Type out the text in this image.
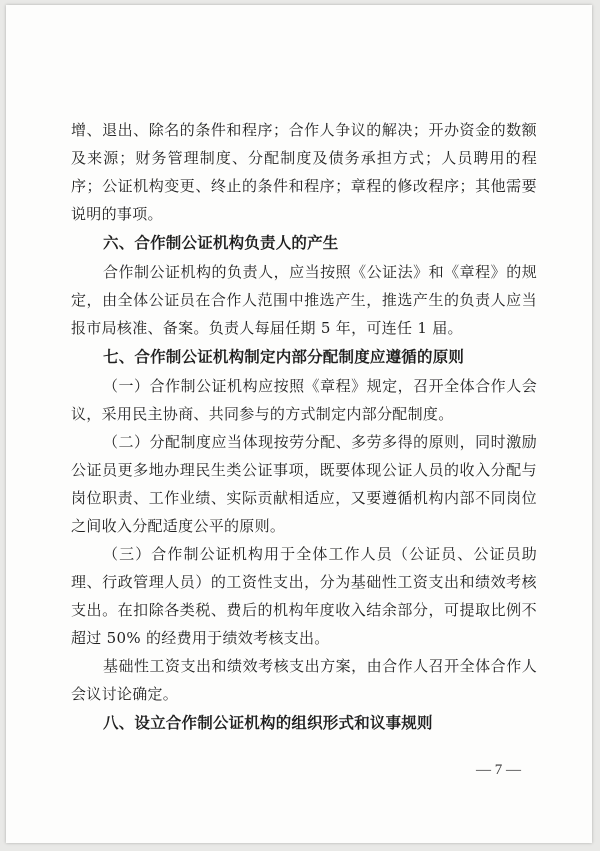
增、退出、除名的条件和程序；合作人争议的解决；开办资金的数额及来源；财务管理制度、分配制度及债务承担方式；人员聘用的程序；公证机构变更、终止的条件和程序；章程的修改程序；其他需要说明的事项。

六、合作制公证机构负责人的产生

合作制公证机构的负责人，应当按照《公证法》和《章程》的规定，由全体公证员在合作人范围中推选产生，推选产生的负责人应当报市局核准、备案。负责人每届任期 5 年，可连任 1 届。

七、合作制公证机构制定内部分配制度应遵循的原则

（一）合作制公证机构应按照《章程》规定，召开全体合作人会议，采用民主协商、共同参与的方式制定内部分配制度。

（二）分配制度应当体现按劳分配、多劳多得的原则，同时激励公证员更多地办理民生类公证事项，既要体现公证人员的收入分配与岗位职责、工作业绩、实际贡献相适应，又要遵循机构内部不同岗位之间收入分配适度公平的原则。

（三）合作制公证机构用于全体工作人员（公证员、公证员助理、行政管理人员）的工资性支出，分为基础性工资支出和绩效考核支出。在扣除各类税、费后的机构年度收入结余部分，可提取比例不超过 50% 的经费用于绩效考核支出。

基础性工资支出和绩效考核支出方案，由合作人召开全体合作人会议讨论确定。

八、设立合作制公证机构的组织形式和议事规则
— 7 —
